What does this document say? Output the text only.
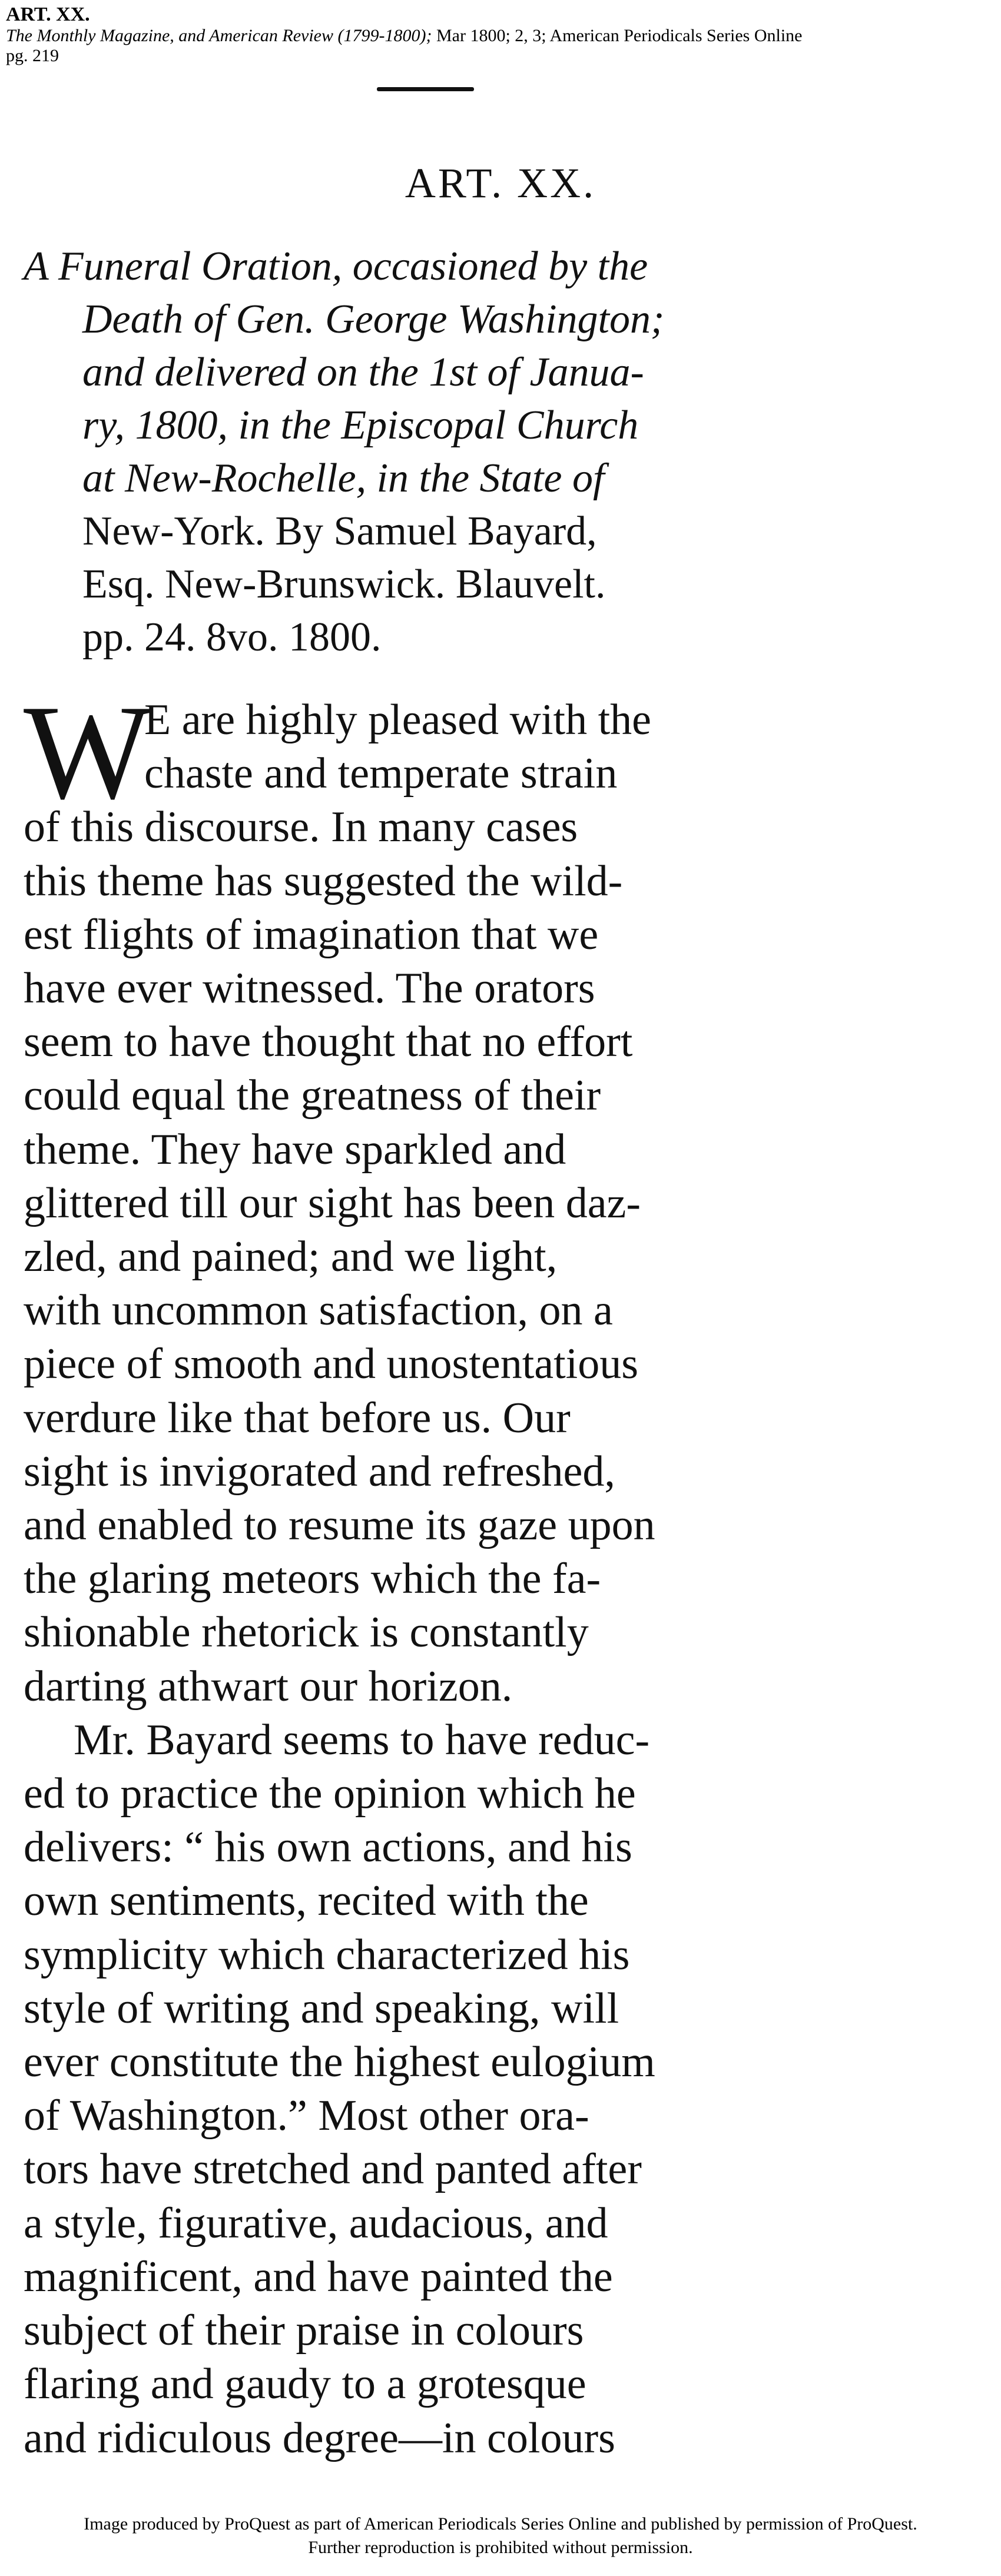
ART. XX.
The Monthly Magazine, and American Review (1799-1800); Mar 1800; 2, 3; American Periodicals Series Online
pg. 219
ART. XX.
A Funeral Oration, occasioned by the
Death of Gen. George Washington;
and delivered on the 1st of Janua-
ry, 1800, in the Episcopal Church
at New-Rochelle, in the State of
New-York. By Samuel Bayard,
Esq. New-Brunswick. Blauvelt.
pp. 24. 8vo. 1800.
W
E are highly pleased with the
chaste and temperate strain
of this discourse. In many cases
this theme has suggested the wild-
est flights of imagination that we
have ever witnessed. The orators
seem to have thought that no effort
could equal the greatness of their
theme. They have sparkled and
glittered till our sight has been daz-
zled, and pained; and we light,
with uncommon satisfaction, on a
piece of smooth and unostentatious
verdure like that before us. Our
sight is invigorated and refreshed,
and enabled to resume its gaze upon
the glaring meteors which the fa-
shionable rhetorick is constantly
darting athwart our horizon.
Mr. Bayard seems to have reduc-
ed to practice the opinion which he
delivers: “ his own actions, and his
own sentiments, recited with the
symplicity which characterized his
style of writing and speaking, will
ever constitute the highest eulogium
of Washington.” Most other ora-
tors have stretched and panted after
a style, figurative, audacious, and
magnificent, and have painted the
subject of their praise in colours
flaring and gaudy to a grotesque
and ridiculous degree—in colours
Image produced by ProQuest as part of American Periodicals Series Online and published by permission of ProQuest.
Further reproduction is prohibited without permission.
